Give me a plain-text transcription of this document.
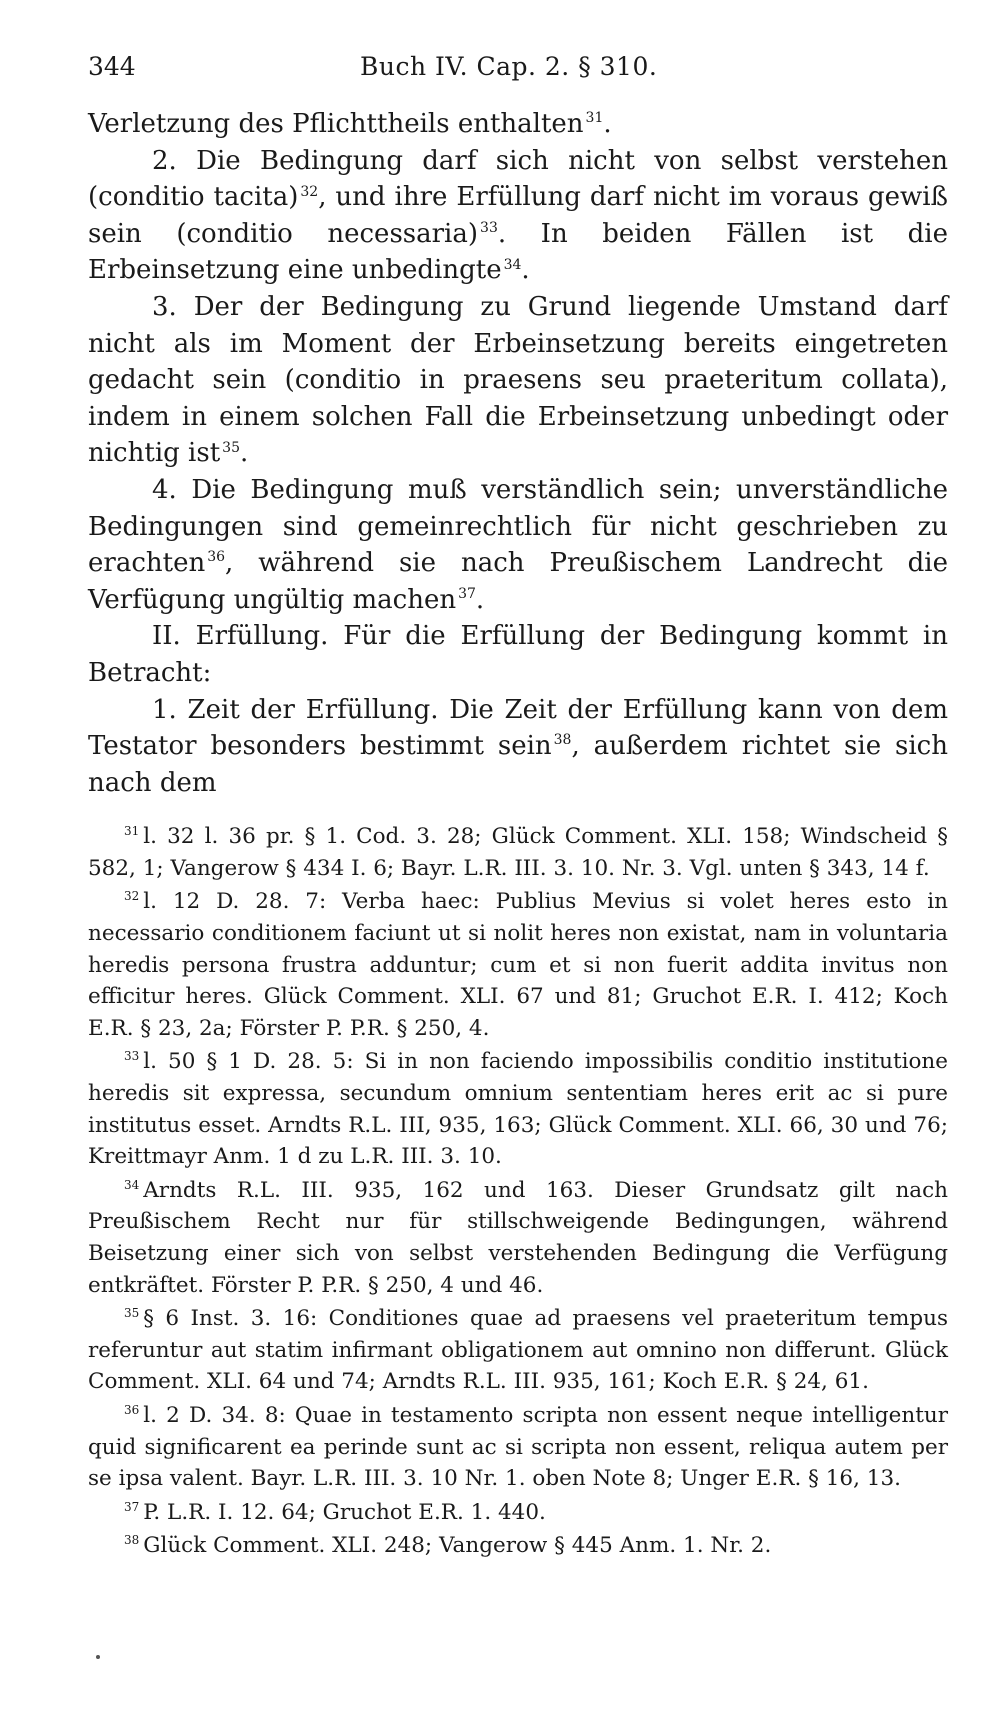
344	Buch IV. Cap. 2. § 310.

Verletzung des Pflichttheils enthalten $^{31}$.

2. Die Bedingung darf sich nicht von selbst verstehen (conditio tacita) $^{32}$, und ihre Erfüllung darf nicht im voraus gewiß sein (conditio necessaria) $^{33}$. In beiden Fällen ist die Erbeinsetzung eine unbedingte $^{34}$.

3. Der der Bedingung zu Grund liegende Umstand darf nicht als im Moment der Erbeinsetzung bereits eingetreten gedacht sein (conditio in praesens seu praeteritum collata), indem in einem solchen Fall die Erbeinsetzung unbedingt oder nichtig ist $^{35}$.

4. Die Bedingung muß verständlich sein; unverständliche Bedingungen sind gemeinrechtlich für nicht geschrieben zu erachten $^{36}$, während sie nach Preußischem Landrecht die Verfügung ungültig machen $^{37}$.

II. Erfüllung. Für die Erfüllung der Bedingung kommt in Betracht:

1. Zeit der Erfüllung. Die Zeit der Erfüllung kann von dem Testator besonders bestimmt sein $^{38}$, außerdem richtet sie sich nach dem

$^{31}$ l. 32 l. 36 pr. § 1. Cod. 3. 28; Glück Comment. XLI. 158; Windscheid § 582, 1; Vangerow § 434 I. 6; Bayr. L.R. III. 3. 10. Nr. 3. Vgl. unten § 343, 14 f.

$^{32}$ l. 12 D. 28. 7: Verba haec: Publius Mevius si volet heres esto in necessario conditionem faciunt ut si nolit heres non existat, nam in voluntaria heredis persona frustra adduntur; cum et si non fuerit addita invitus non efficitur heres. Glück Comment. XLI. 67 und 81; Gruchot E.R. I. 412; Koch E.R. § 23, 2a; Förster P. P.R. § 250, 4.

$^{33}$ l. 50 § 1 D. 28. 5: Si in non faciendo impossibilis conditio institutione heredis sit expressa, secundum omnium sententiam heres erit ac si pure institutus esset. Arndts R.L. III, 935, 163; Glück Comment. XLI. 66, 30 und 76; Kreittmayr Anm. 1 d zu L.R. III. 3. 10.

$^{34}$ Arndts R.L. III. 935, 162 und 163. Dieser Grundsatz gilt nach Preußischem Recht nur für stillschweigende Bedingungen, während Beisetzung einer sich von selbst verstehenden Bedingung die Verfügung entkräftet. Förster P. P.R. § 250, 4 und 46.

$^{35}$ § 6 Inst. 3. 16: Conditiones quae ad praesens vel praeteritum tempus referuntur aut statim infirmant obligationem aut omnino non differunt. Glück Comment. XLI. 64 und 74; Arndts R.L. III. 935, 161; Koch E.R. § 24, 61.

$^{36}$ l. 2 D. 34. 8: Quae in testamento scripta non essent neque intelligentur quid significarent ea perinde sunt ac si scripta non essent, reliqua autem per se ipsa valent. Bayr. L.R. III. 3. 10 Nr. 1. oben Note 8; Unger E.R. § 16, 13.

$^{37}$ P. L.R. I. 12. 64; Gruchot E.R. 1. 440.

$^{38}$ Glück Comment. XLI. 248; Vangerow § 445 Anm. 1. Nr. 2.
